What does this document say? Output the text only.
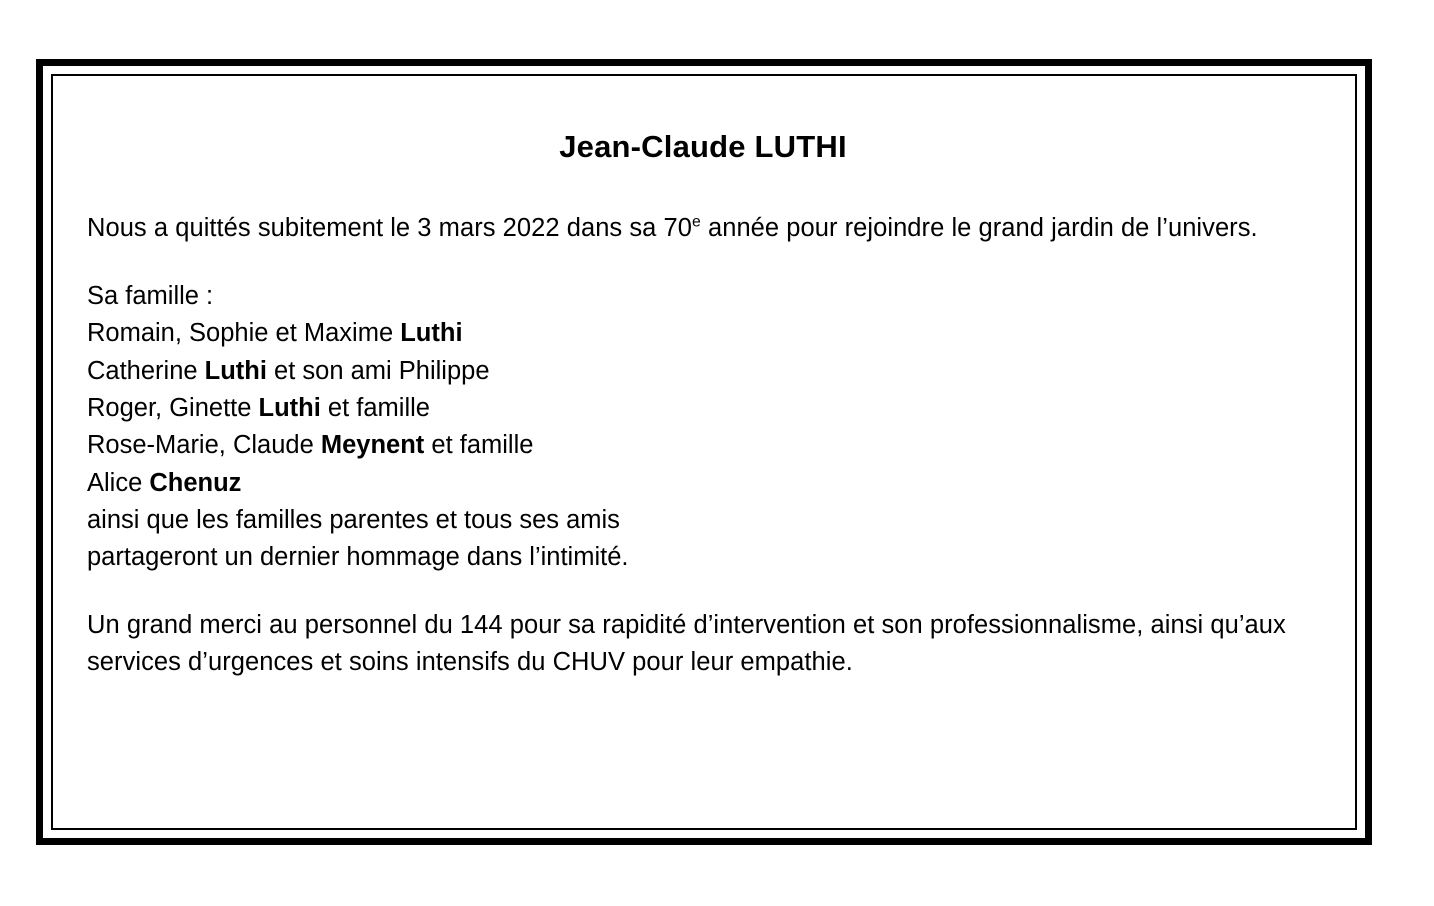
Jean-Claude LUTHI

Nous a quittés subitement le 3 mars 2022 dans sa 70e année pour rejoindre le grand jardin de l’univers.

Sa famille :
Romain, Sophie et Maxime Luthi
Catherine Luthi et son ami Philippe
Roger, Ginette Luthi et famille
Rose-Marie, Claude Meynent et famille
Alice Chenuz
ainsi que les familles parentes et tous ses amis
partageront un dernier hommage dans l’intimité.

Un grand merci au personnel du 144 pour sa rapidité d’intervention et son professionnalisme, ainsi qu’aux services d’urgences et soins intensifs du CHUV pour leur empathie.
